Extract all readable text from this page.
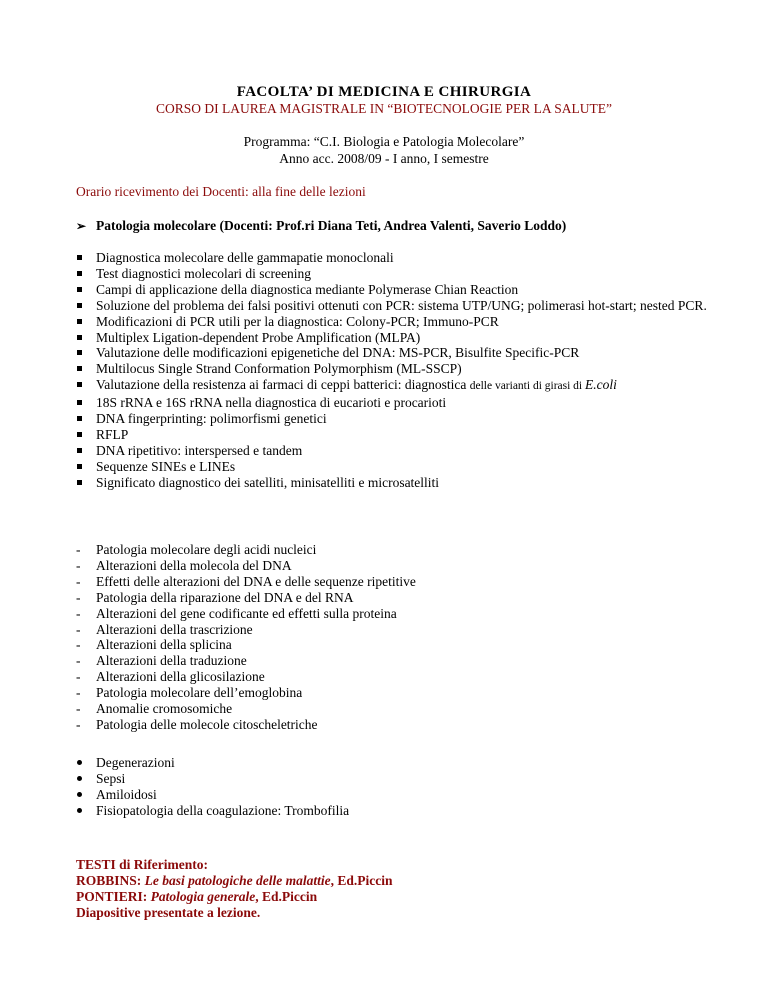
FACOLTA’ DI MEDICINA E CHIRURGIA
CORSO DI LAUREA MAGISTRALE IN “BIOTECNOLOGIE PER LA SALUTE”
Programma: “C.I. Biologia e Patologia Molecolare”
Anno acc. 2008/09 - I anno, I semestre
Orario ricevimento dei Docenti: alla fine delle lezioni
➢ Patologia molecolare (Docenti: Prof.ri Diana Teti, Andrea Valenti, Saverio Loddo)
Diagnostica molecolare delle gammapatie monoclonali
Test diagnostici molecolari di screening
Campi di applicazione della diagnostica mediante Polymerase Chian Reaction
Soluzione del problema dei falsi positivi ottenuti con PCR: sistema UTP/UNG; polimerasi hot-start; nested PCR.
Modificazioni di PCR utili per la diagnostica: Colony-PCR; Immuno-PCR
Multiplex Ligation-dependent Probe Amplification (MLPA)
Valutazione delle modificazioni epigenetiche del DNA: MS-PCR, Bisulfite Specific-PCR
Multilocus Single Strand Conformation Polymorphism (ML-SSCP)
Valutazione della resistenza ai farmaci di ceppi batterici: diagnostica delle varianti di girasi di E.coli
18S rRNA e 16S rRNA nella diagnostica di eucarioti e procarioti
DNA fingerprinting: polimorfismi genetici
RFLP
DNA ripetitivo: interspersed e tandem
Sequenze SINEs e LINEs
Significato diagnostico dei satelliti, minisatelliti e microsatelliti
- Patologia molecolare degli acidi nucleici
- Alterazioni della molecola del DNA
- Effetti delle alterazioni del DNA e delle sequenze ripetitive
- Patologia della riparazione del DNA e del RNA
- Alterazioni del gene codificante ed effetti sulla proteina
- Alterazioni della trascrizione
- Alterazioni della splicina
- Alterazioni della traduzione
- Alterazioni della glicosilazione
- Patologia molecolare dell’emoglobina
- Anomalie cromosomiche
- Patologia delle molecole citoscheletriche
Degenerazioni
Sepsi
Amiloidosi
Fisiopatologia della coagulazione: Trombofilia
TESTI di Riferimento:
ROBBINS: Le basi patologiche delle malattie, Ed.Piccin
PONTIERI: Patologia generale, Ed.Piccin
Diapositive presentate a lezione.
